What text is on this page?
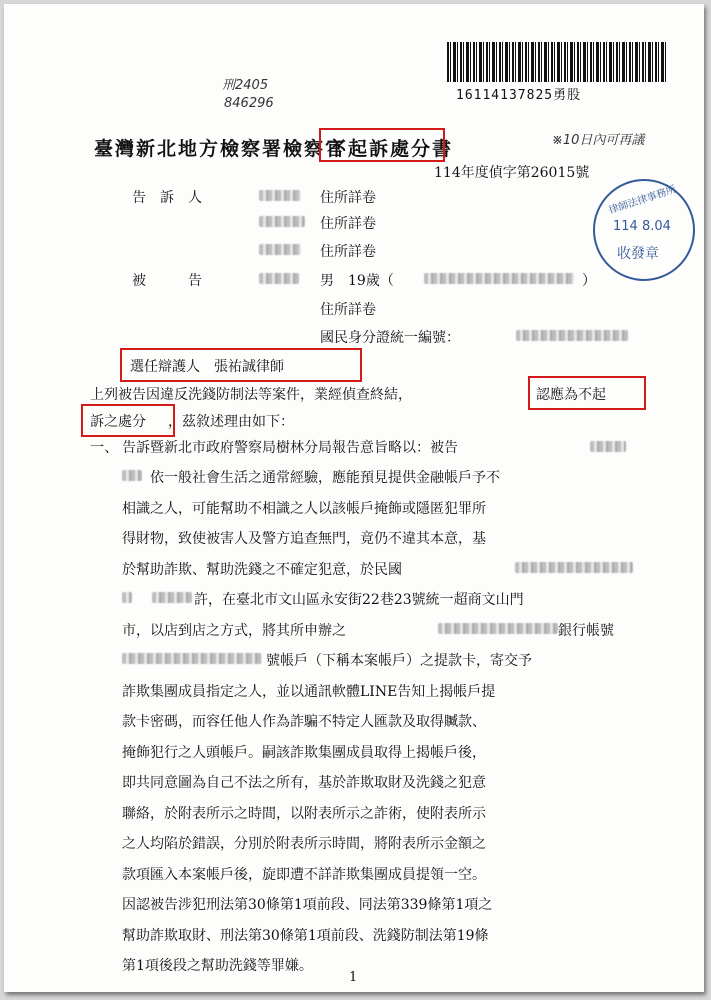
刑2405
846296
※10日內可再議
16114137825勇股
臺灣新北地方檢察署檢察官
不起訴處分書
114年度偵字第26015號
律師法律事務所
114 8.04
收發章
告　訴　人	住所詳卷
住所詳卷
住所詳卷
被　　　告	男　19歲（	）
住所詳卷
國民身分證統一編號：
選任辯護人　張祐誠律師
上列被告因違反洗錢防制法等案件，業經偵查終結，	認應為不起
訴之處分 ，茲敘述理由如下：
一、 告訴暨新北市政府警察局樹林分局報告意旨略以：被告
依一般社會生活之通常經驗，應能預見提供金融帳戶予不
相識之人，可能幫助不相識之人以該帳戶掩飾或隱匿犯罪所
得財物，致使被害人及警方追查無門，竟仍不違其本意，基
於幫助詐欺、幫助洗錢之不確定犯意，於民國
許，在臺北市文山區永安街22巷23號統一超商文山門
市，以店到店之方式，將其所申辦之	銀行帳號
號帳戶（下稱本案帳戶）之提款卡，寄交予
詐欺集團成員指定之人，並以通訊軟體LINE告知上揭帳戶提
款卡密碼，而容任他人作為詐騙不特定人匯款及取得贓款、
掩飾犯行之人頭帳戶。嗣該詐欺集團成員取得上揭帳戶後，
即共同意圖為自己不法之所有，基於詐欺取財及洗錢之犯意
聯絡，於附表所示之時間，以附表所示之詐術，使附表所示
之人均陷於錯誤，分別於附表所示時間，將附表所示金額之
款項匯入本案帳戶後，旋即遭不詳詐欺集團成員提領一空。
因認被告涉犯刑法第30條第1項前段、同法第339條第1項之
幫助詐欺取財、刑法第30條第1項前段、洗錢防制法第19條
第1項後段之幫助洗錢等罪嫌。
1
